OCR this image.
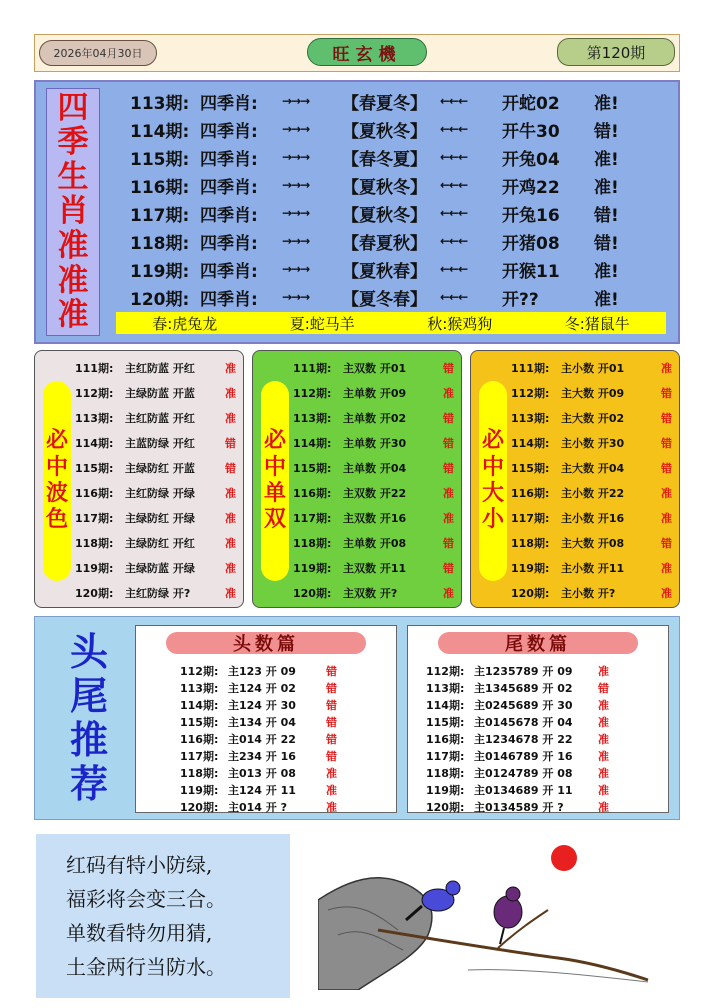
2026年04月30日	旺玄機	第120期
四
季
生
肖
准
准
准	春:虎兔龙	夏:蛇马羊	秋:猴鸡狗	冬:猪鼠牛
113期: 四季肖:	→→→	【春夏冬】	←←←	开蛇02	准!
114期: 四季肖:	→→→	【夏秋冬】	←←←	开牛30	错!
115期: 四季肖:	→→→	【春冬夏】	←←←	开兔04	准!
116期: 四季肖:	→→→	【夏秋冬】	←←←	开鸡22	准!
117期: 四季肖:	→→→	【夏秋冬】	←←←	开兔16	错!
118期: 四季肖:	→→→	【春夏秋】	←←←	开猪08	错!
119期: 四季肖:	→→→	【夏秋春】	←←←	开猴11	准!
120期: 四季肖:	→→→	【夏冬春】	←←←	开??	准!
必
中
波
色
111期:	主红防蓝 开红	准
112期:	主绿防蓝 开蓝	准
113期:	主红防蓝 开红	准
114期:	主蓝防绿 开红	错
115期:	主绿防红 开蓝	错
116期:	主红防绿 开绿	准
117期:	主绿防红 开绿	准
118期:	主绿防红 开红	准
119期:	主绿防蓝 开绿	准
120期:	主红防绿 开?	准
必
中
单
双
111期:	主双数 开01	错
112期:	主单数 开09	准
113期:	主单数 开02	错
114期:	主单数 开30	错
115期:	主单数 开04	错
116期:	主双数 开22	准
117期:	主双数 开16	准
118期:	主单数 开08	错
119期:	主双数 开11	错
120期:	主双数 开?	准
必
中
大
小
111期:	主小数 开01	准
112期:	主大数 开09	错
113期:	主大数 开02	错
114期:	主小数 开30	错
115期:	主大数 开04	错
116期:	主小数 开22	准
117期:	主小数 开16	准
118期:	主大数 开08	错
119期:	主小数 开11	准
120期:	主小数 开?	准
头
尾
推
荐
头数篇
112期: 主123 开 09	错
113期: 主124 开 02	错
114期: 主124 开 30	错
115期: 主134 开 04	错
116期: 主014 开 22	错
117期: 主234 开 16	错
118期: 主013 开 08	准
119期: 主124 开 11	准
120期: 主014 开 ?	准
尾数篇
112期: 主1235789 开 09	准
113期: 主1345689 开 02	错
114期: 主0245689 开 30	准
115期: 主0145678 开 04	准
116期: 主1234678 开 22	准
117期: 主0146789 开 16	准
118期: 主0124789 开 08	准
119期: 主0134689 开 11	准
120期: 主0134589 开 ?	准
红码有特小防绿,
福彩将会变三合。
单数看特勿用猜,
土金两行当防水。
